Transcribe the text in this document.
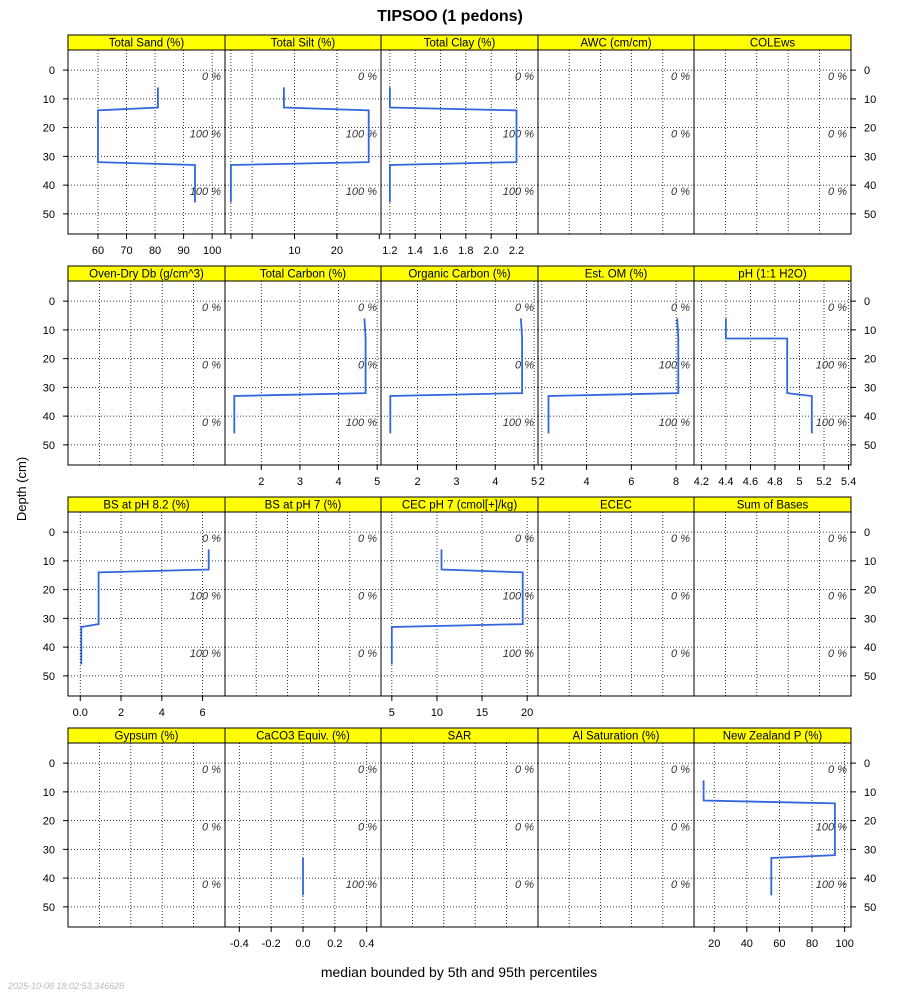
TIPSOO (1 pedons)
Depth (cm)
median bounded by 5th and 95th percentiles
2025-10-08 18:02:53.346628
Total Sand (%)
0 %
100 %
100 %
60 70 80 90 100
0
10
20
30
40
50
Total Silt (%)
0 %
100 %
100 %
10	20
Total Clay (%)
0 %
100 %
100 %
1.2 1.4 1.6 1.8 2.0 2.2
AWC (cm/cm)
0 %
0 %
0 %
COLEws
0 %
0 %
0 %
0
10
20
30
40
50
Oven-Dry Db (g/cm^3)
0 %
0 %
0 %
0
10
20
30
40
50
Total Carbon (%)
0 %
0 %
100 %
2	3	4	5
Organic Carbon (%)
0 %
0 %
100 %
2	3	4	5
Est. OM (%)
0 %
100 %
100 %
2	4	6	8
pH (1:1 H2O)
0 %
100 %
100 %
4.2 4.4 4.6 4.8 5 5.2 5.4
0
10
20
30
40
50
BS at pH 8.2 (%)
0 %
100 %
100 %
0.0	2	4	6
0
10
20
30
40
50
BS at pH 7 (%)
0 %
0 %
0 %
CEC pH 7 (cmol[+]/kg)
0 %
100 %
100 %
5	10	15	20
ECEC
0 %
0 %
0 %
Sum of Bases
0 %
0 %
0 %
0
10
20
30
40
50
Gypsum (%)
0 %
0 %
0 %
0
10
20
30
40
50
CaCO3 Equiv. (%)
0 %
0 %
100 %
-0.4 -0.2 0.0 0.2 0.4
SAR
0 %
0 %
0 %
Al Saturation (%)
0 %
0 %
0 %
New Zealand P (%)
0 %
100 %
100 %
20 40 60 80 100
0
10
20
30
40
50
